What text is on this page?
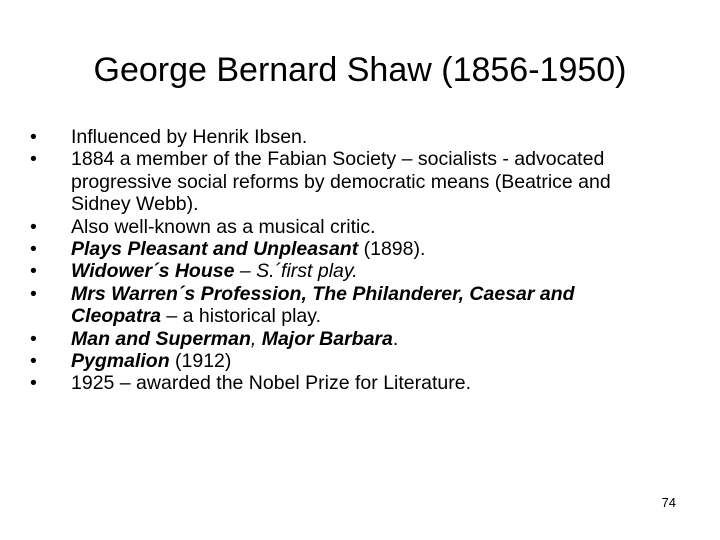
George Bernard Shaw (1856-1950)
• Influenced by Henrik Ibsen.
• 1884 a member of the Fabian Society – socialists - advocated progressive social reforms by democratic means (Beatrice and Sidney Webb).
• Also well-known as a musical critic.
• Plays Pleasant and Unpleasant (1898).
• Widower´s House – S.´first play.
• Mrs Warren´s Profession, The Philanderer, Caesar and Cleopatra – a historical play.
• Man and Superman, Major Barbara.
• Pygmalion (1912)
• 1925 – awarded the Nobel Prize for Literature.
74
